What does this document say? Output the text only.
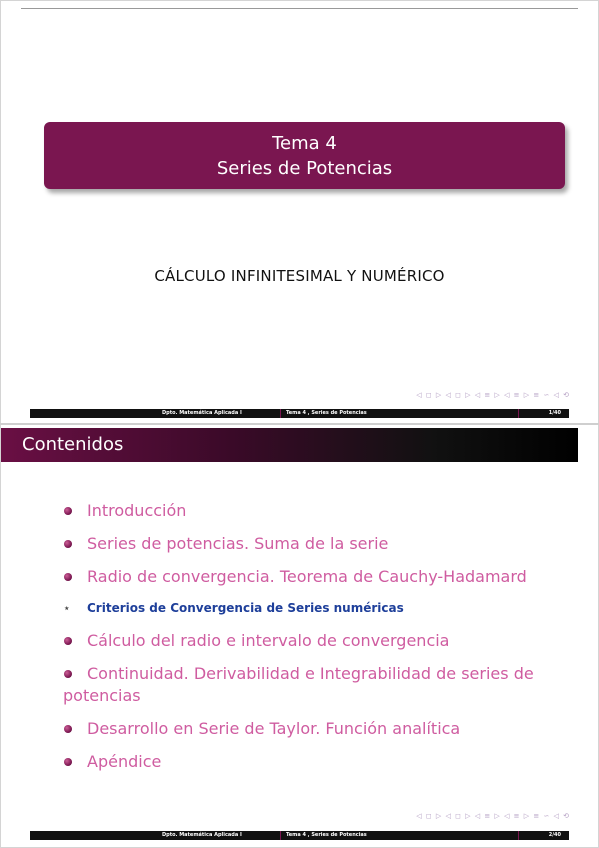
Tema 4
Series de Potencias
CÁLCULO INFINITESIMAL Y NUMÉRICO
◁ ◻ ▷ ◁ ◻ ▷ ◁ ≡ ▷ ◁ ≡ ▷ ≡ ∽ ◁ ⟲
Dpto. Matemática Aplicada I	Tema 4 , Series de Potencias	1/40
Contenidos
Introducción
Series de potencias. Suma de la serie
Radio de convergencia. Teorema de Cauchy-Hadamard
⋆ Criterios de Convergencia de Series numéricas
Cálculo del radio e intervalo de convergencia
Continuidad. Derivabilidad e Integrabilidad de series de potencias
Desarrollo en Serie de Taylor. Función analítica
Apéndice
◁ ◻ ▷ ◁ ◻ ▷ ◁ ≡ ▷ ◁ ≡ ▷ ≡ ∽ ◁ ⟲
Dpto. Matemática Aplicada I	Tema 4 , Series de Potencias	2/40
